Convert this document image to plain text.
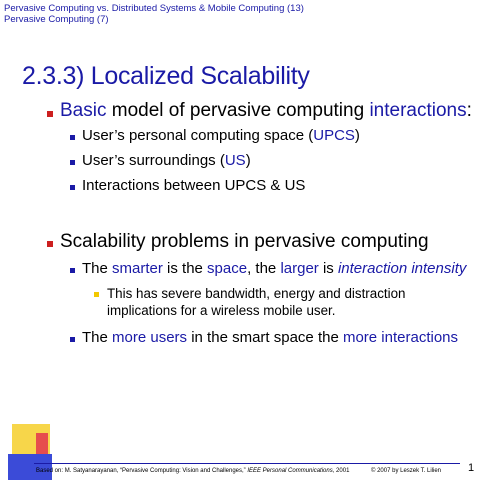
Pervasive Computing vs. Distributed Systems & Mobile Computing (13)
Pervasive Computing (7)
2.3.3) Localized Scalability
Basic model of pervasive computing interactions:
User’s personal computing space (UPCS)
User’s surroundings (US)
Interactions between UPCS & US
Scalability problems in pervasive computing
The smarter is the space, the larger is interaction intensity
This has severe bandwidth, energy and distraction implications for a wireless mobile user.
The more users in the smart space the more interactions
Based on: M. Satyanarayanan, “Pervasive Computing: Vision and Challenges,” IEEE Personal Communications, 2001	© 2007 by Leszek T. Lilien 1
